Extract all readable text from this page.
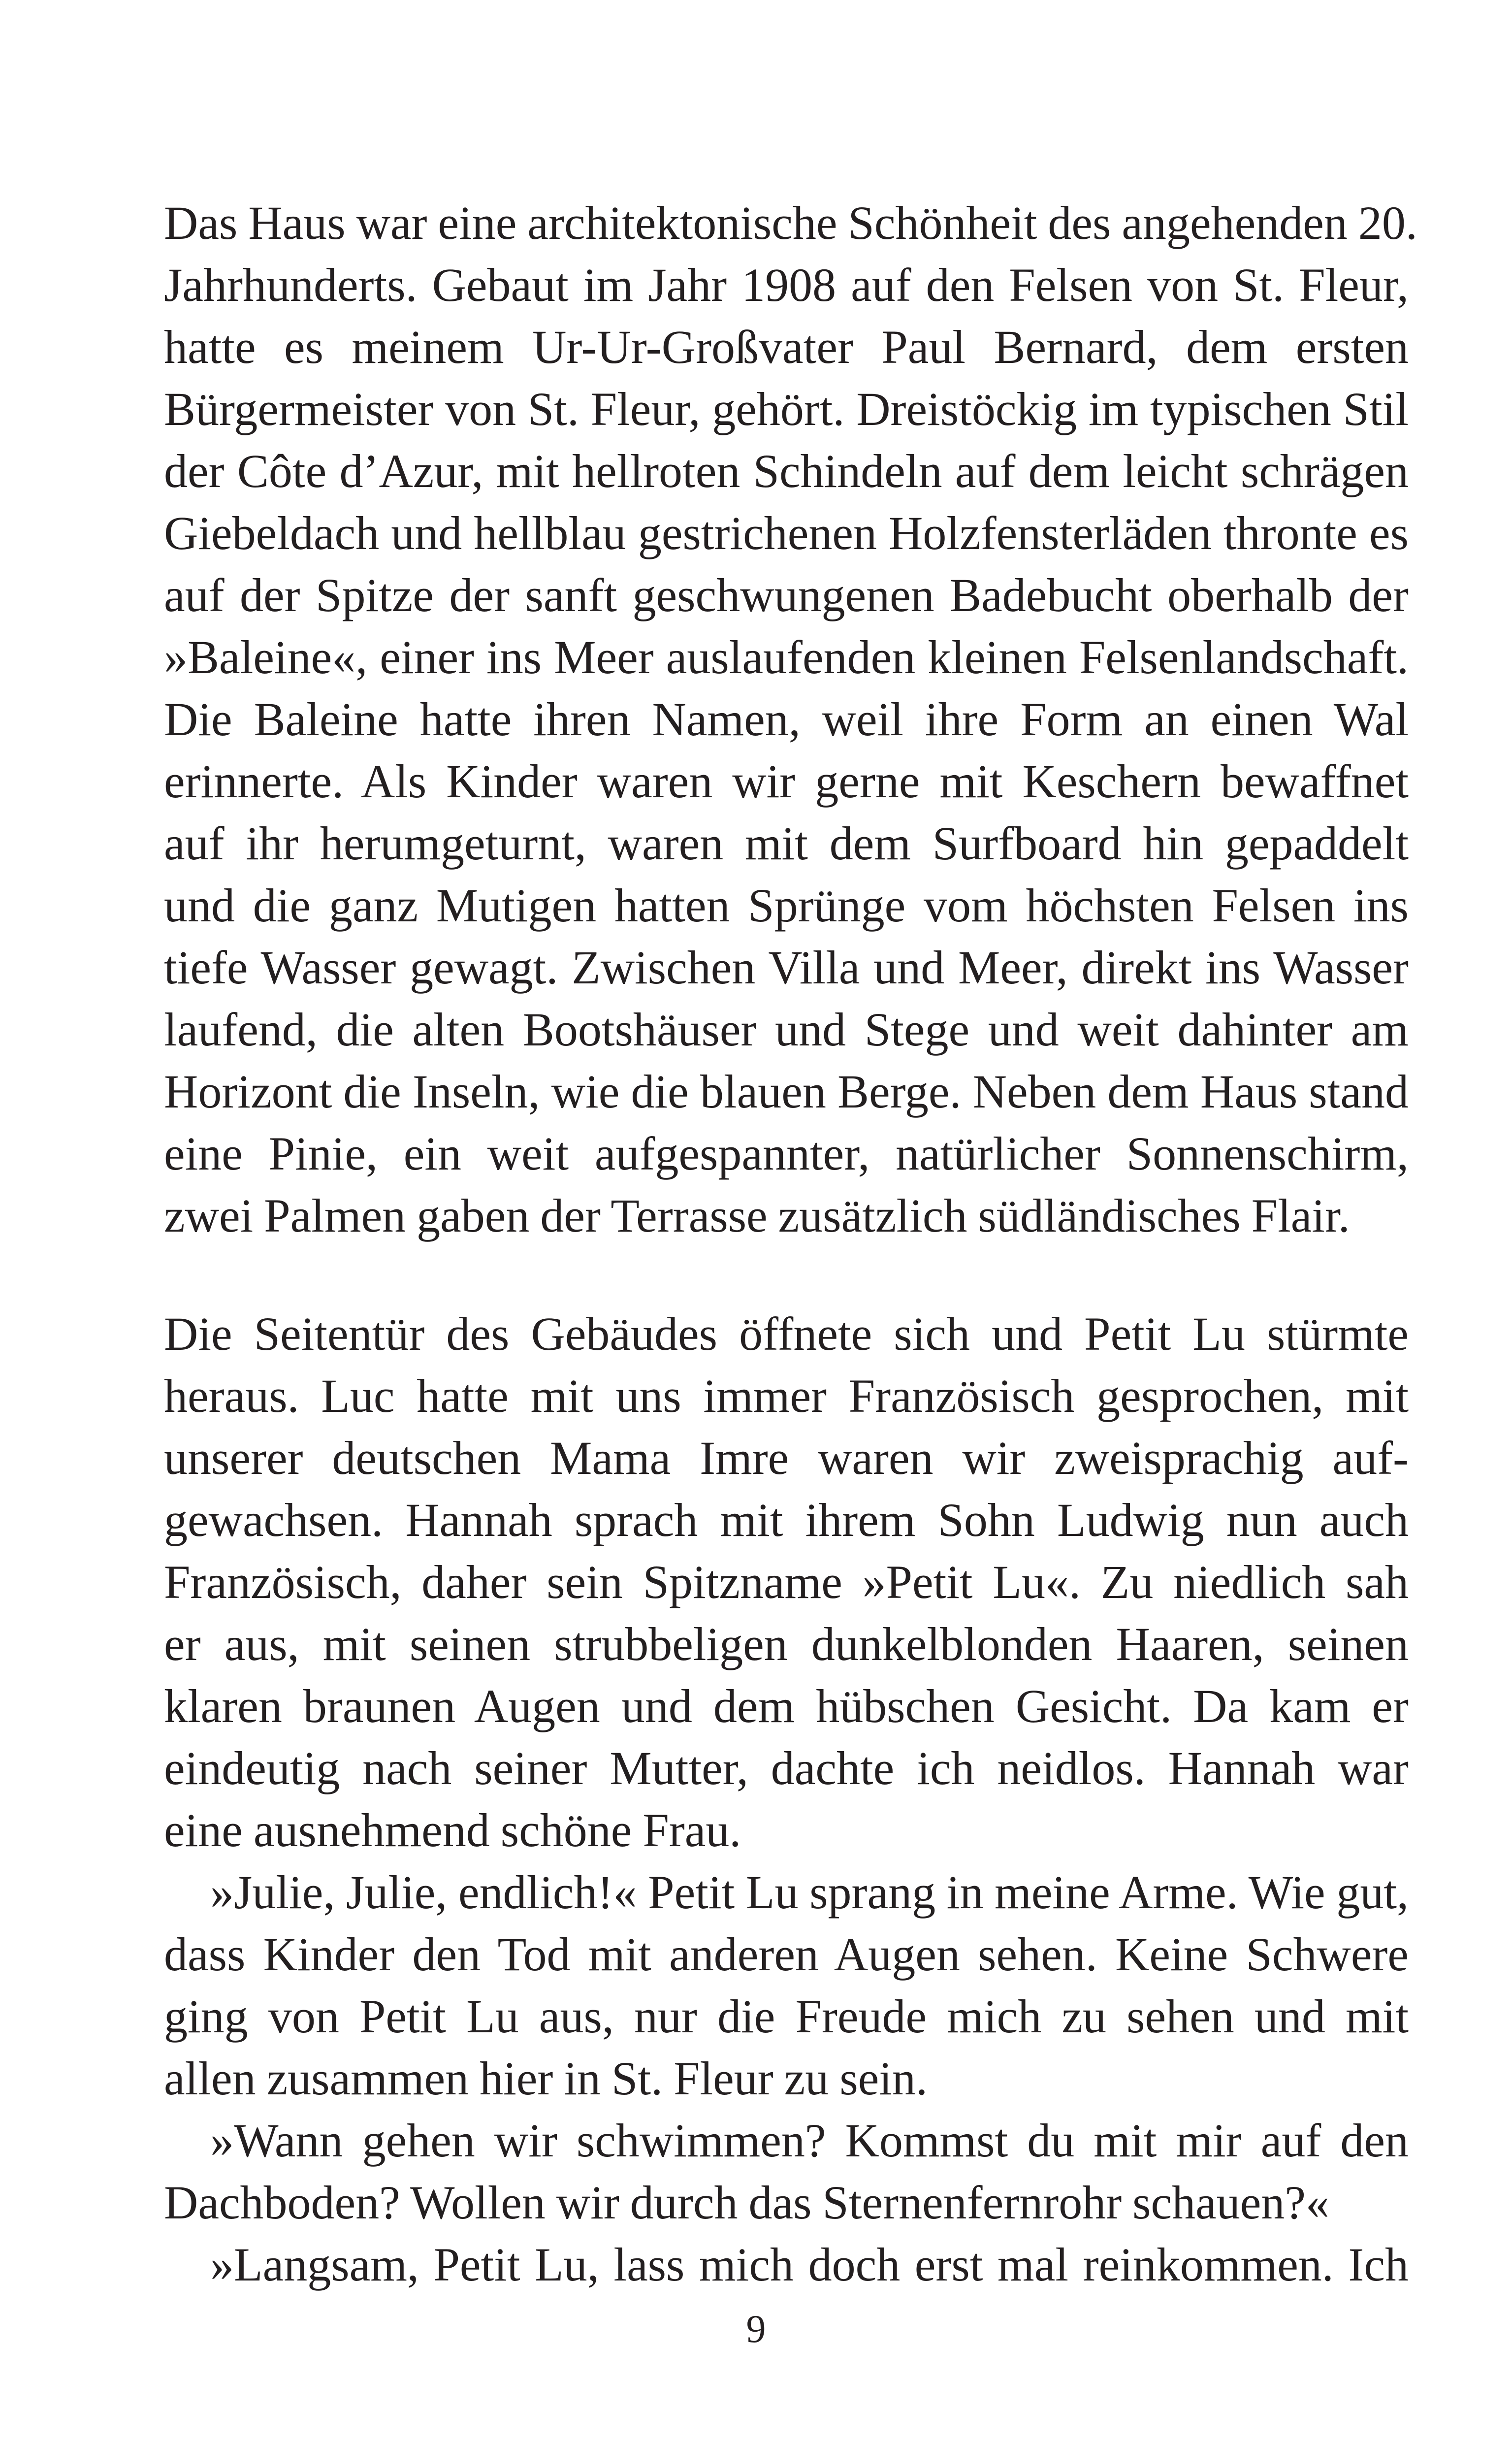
Das Haus war eine architektonische Schönheit des angehenden 20.
Jahrhunderts. Gebaut im Jahr 1908 auf den Felsen von St. Fleur,
hatte es meinem Ur-Ur-Großvater Paul Bernard, dem ersten
Bürgermeister von St. Fleur, gehört. Dreistöckig im typischen Stil
der Côte d’Azur, mit hellroten Schindeln auf dem leicht schrägen
Giebeldach und hellblau gestrichenen Holzfensterläden thronte es
auf der Spitze der sanft geschwungenen Badebucht oberhalb der
»Baleine«, einer ins Meer auslaufenden kleinen Felsenlandschaft.
Die Baleine hatte ihren Namen, weil ihre Form an einen Wal
erinnerte. Als Kinder waren wir gerne mit Keschern bewaffnet
auf ihr herumgeturnt, waren mit dem Surfboard hin gepaddelt
und die ganz Mutigen hatten Sprünge vom höchsten Felsen ins
tiefe Wasser gewagt. Zwischen Villa und Meer, direkt ins Wasser
laufend, die alten Bootshäuser und Stege und weit dahinter am
Horizont die Inseln, wie die blauen Berge. Neben dem Haus stand
eine Pinie, ein weit aufgespannter, natürlicher Sonnenschirm,
zwei Palmen gaben der Terrasse zusätzlich südländisches Flair.
Die Seitentür des Gebäudes öffnete sich und Petit Lu stürmte
heraus. Luc hatte mit uns immer Französisch gesprochen, mit
unserer deutschen Mama Imre waren wir zweisprachig auf-
gewachsen. Hannah sprach mit ihrem Sohn Ludwig nun auch
Französisch, daher sein Spitzname »Petit Lu«. Zu niedlich sah
er aus, mit seinen strubbeligen dunkelblonden Haaren, seinen
klaren braunen Augen und dem hübschen Gesicht. Da kam er
eindeutig nach seiner Mutter, dachte ich neidlos. Hannah war
eine ausnehmend schöne Frau.
»Julie, Julie, endlich!« Petit Lu sprang in meine Arme. Wie gut,
dass Kinder den Tod mit anderen Augen sehen. Keine Schwere
ging von Petit Lu aus, nur die Freude mich zu sehen und mit
allen zusammen hier in St. Fleur zu sein.
»Wann gehen wir schwimmen? Kommst du mit mir auf den
Dachboden? Wollen wir durch das Sternenfernrohr schauen?«
»Langsam, Petit Lu, lass mich doch erst mal reinkommen. Ich
9
